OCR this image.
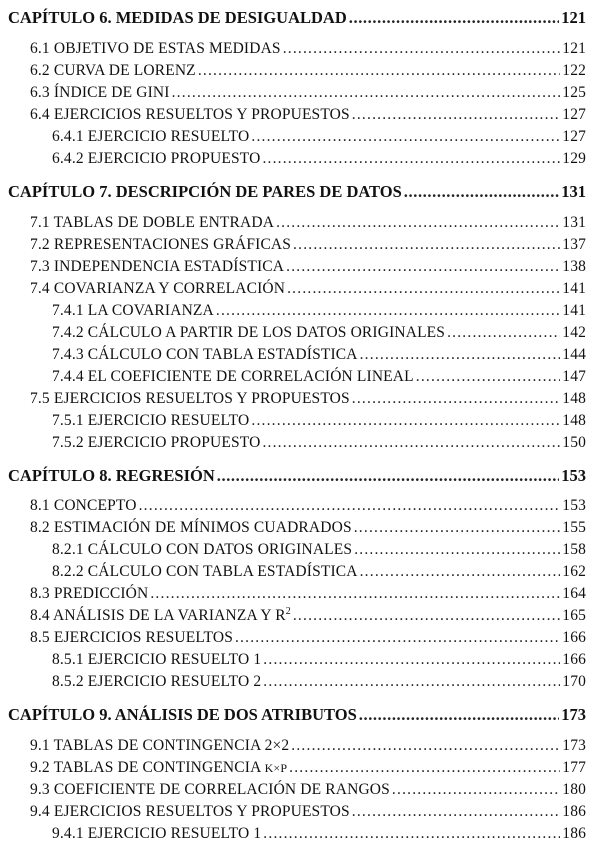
CAPÍTULO 6. MEDIDAS DE DESIGUALDAD .....	121
6.1 OBJETIVO DE ESTAS MEDIDAS .....	121
6.2 CURVA DE LORENZ .....	122
6.3 ÍNDICE DE GINI .....	125
6.4 EJERCICIOS RESUELTOS Y PROPUESTOS .....	127
6.4.1 EJERCICIO RESUELTO .....	127
6.4.2 EJERCICIO PROPUESTO .....	129
CAPÍTULO 7. DESCRIPCIÓN DE PARES DE DATOS .....	131
7.1 TABLAS DE DOBLE ENTRADA .....	131
7.2 REPRESENTACIONES GRÁFICAS .....	137
7.3 INDEPENDENCIA ESTADÍSTICA .....	138
7.4 COVARIANZA Y CORRELACIÓN .....	141
7.4.1 LA COVARIANZA .....	141
7.4.2 CÁLCULO A PARTIR DE LOS DATOS ORIGINALES .....	142
7.4.3 CÁLCULO CON TABLA ESTADÍSTICA .....	144
7.4.4 EL COEFICIENTE DE CORRELACIÓN LINEAL .....	147
7.5 EJERCICIOS RESUELTOS Y PROPUESTOS .....	148
7.5.1 EJERCICIO RESUELTO .....	148
7.5.2 EJERCICIO PROPUESTO .....	150
CAPÍTULO 8. REGRESIÓN .....	153
8.1 CONCEPTO .....	153
8.2 ESTIMACIÓN DE MÍNIMOS CUADRADOS .....	155
8.2.1 CÁLCULO CON DATOS ORIGINALES .....	158
8.2.2 CÁLCULO CON TABLA ESTADÍSTICA .....	162
8.3 PREDICCIÓN .....	164
8.4 ANÁLISIS DE LA VARIANZA Y $R^2$ .....	165
8.5 EJERCICIOS RESUELTOS .....	166
8.5.1 EJERCICIO RESUELTO 1 .....	166
8.5.2 EJERCICIO RESUELTO 2 .....	170
CAPÍTULO 9. ANÁLISIS DE DOS ATRIBUTOS .....	173
9.1 TABLAS DE CONTINGENCIA 2×2 .....	173
9.2 TABLAS DE CONTINGENCIA K×P .....	177
9.3 COEFICIENTE DE CORRELACIÓN DE RANGOS .....	180
9.4 EJERCICIOS RESUELTOS Y PROPUESTOS .....	186
9.4.1 EJERCICIO RESUELTO 1 .....	186
